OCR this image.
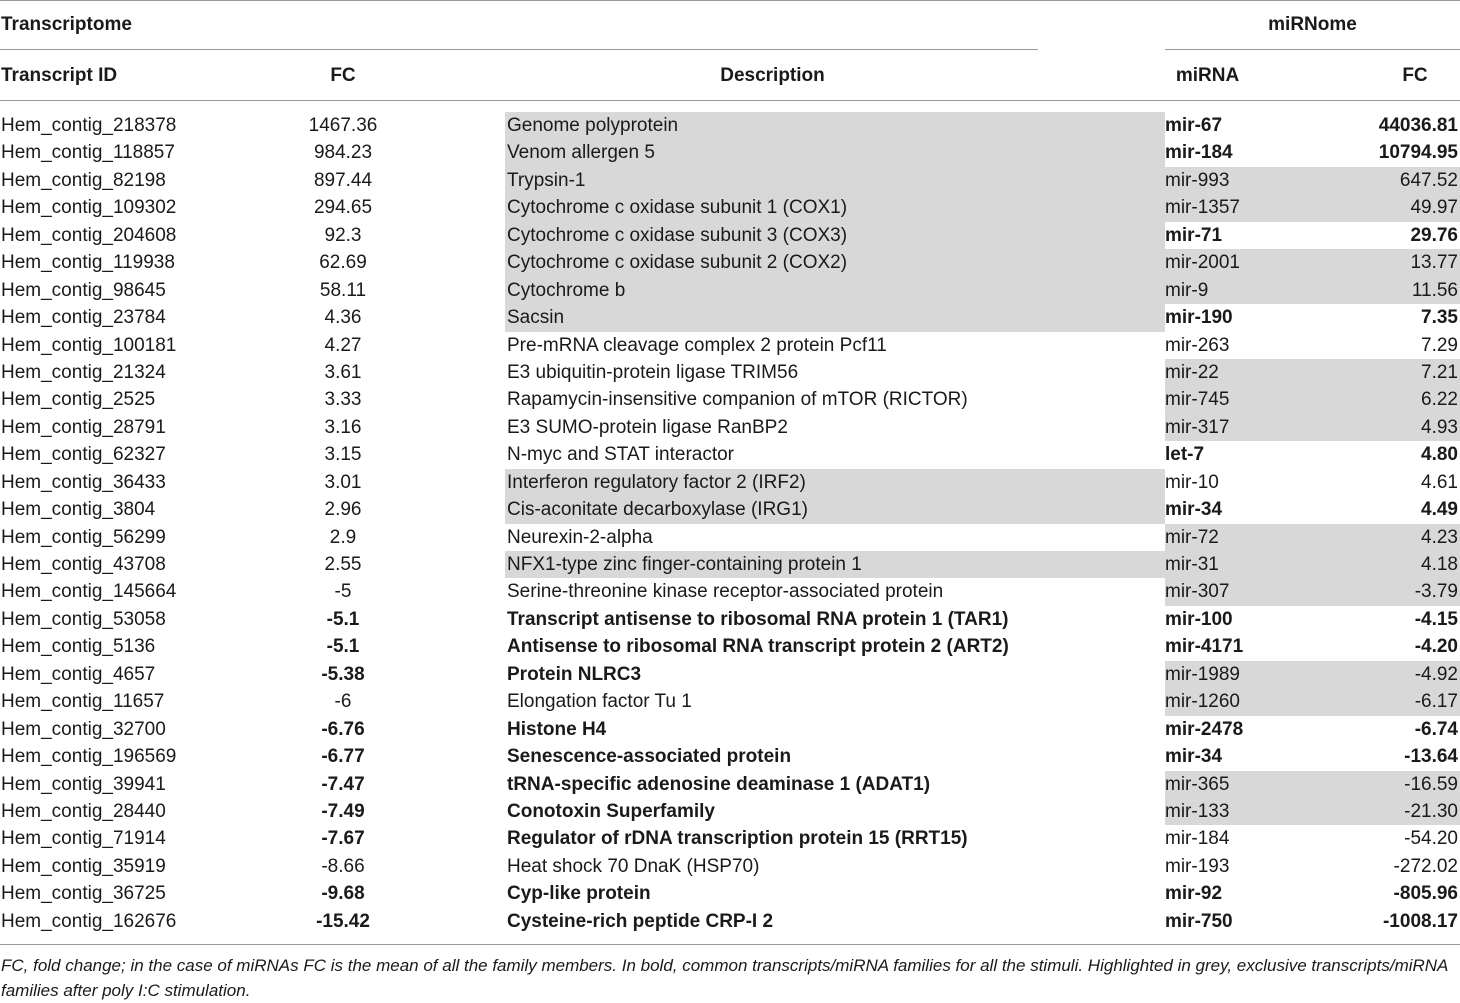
Transcriptome	miRNome
Transcript ID	FC	Description	miRNA	FC
Hem_contig_218378	1467.36	Genome polyprotein	mir-67	44036.81
Hem_contig_118857	984.23	Venom allergen 5	mir-184	10794.95
Hem_contig_82198	897.44	Trypsin-1	mir-993	647.52
Hem_contig_109302	294.65	Cytochrome c oxidase subunit 1 (COX1)	mir-1357	49.97
Hem_contig_204608	92.3	Cytochrome c oxidase subunit 3 (COX3)	mir-71	29.76
Hem_contig_119938	62.69	Cytochrome c oxidase subunit 2 (COX2)	mir-2001	13.77
Hem_contig_98645	58.11	Cytochrome b	mir-9	11.56
Hem_contig_23784	4.36	Sacsin	mir-190	7.35
Hem_contig_100181	4.27	Pre-mRNA cleavage complex 2 protein Pcf11	mir-263	7.29
Hem_contig_21324	3.61	E3 ubiquitin-protein ligase TRIM56	mir-22	7.21
Hem_contig_2525	3.33	Rapamycin-insensitive companion of mTOR (RICTOR)	mir-745	6.22
Hem_contig_28791	3.16	E3 SUMO-protein ligase RanBP2	mir-317	4.93
Hem_contig_62327	3.15	N-myc and STAT interactor	let-7	4.80
Hem_contig_36433	3.01	Interferon regulatory factor 2 (IRF2)	mir-10	4.61
Hem_contig_3804	2.96	Cis-aconitate decarboxylase (IRG1)	mir-34	4.49
Hem_contig_56299	2.9	Neurexin-2-alpha	mir-72	4.23
Hem_contig_43708	2.55	NFX1-type zinc finger-containing protein 1	mir-31	4.18
Hem_contig_145664	-5	Serine-threonine kinase receptor-associated protein	mir-307	-3.79
Hem_contig_53058	-5.1	Transcript antisense to ribosomal RNA protein 1 (TAR1)	mir-100	-4.15
Hem_contig_5136	-5.1	Antisense to ribosomal RNA transcript protein 2 (ART2)	mir-4171	-4.20
Hem_contig_4657	-5.38	Protein NLRC3	mir-1989	-4.92
Hem_contig_11657	-6	Elongation factor Tu 1	mir-1260	-6.17
Hem_contig_32700	-6.76	Histone H4	mir-2478	-6.74
Hem_contig_196569	-6.77	Senescence-associated protein	mir-34	-13.64
Hem_contig_39941	-7.47	tRNA-specific adenosine deaminase 1 (ADAT1)	mir-365	-16.59
Hem_contig_28440	-7.49	Conotoxin Superfamily	mir-133	-21.30
Hem_contig_71914	-7.67	Regulator of rDNA transcription protein 15 (RRT15)	mir-184	-54.20
Hem_contig_35919	-8.66	Heat shock 70 DnaK (HSP70)	mir-193	-272.02
Hem_contig_36725	-9.68	Cyp-like protein	mir-92	-805.96
Hem_contig_162676	-15.42	Cysteine-rich peptide CRP-I 2	mir-750	-1008.17
FC, fold change; in the case of miRNAs FC is the mean of all the family members. In bold, common transcripts/miRNA families for all the stimuli. Highlighted in grey, exclusive transcripts/miRNA families after poly I:C stimulation.
